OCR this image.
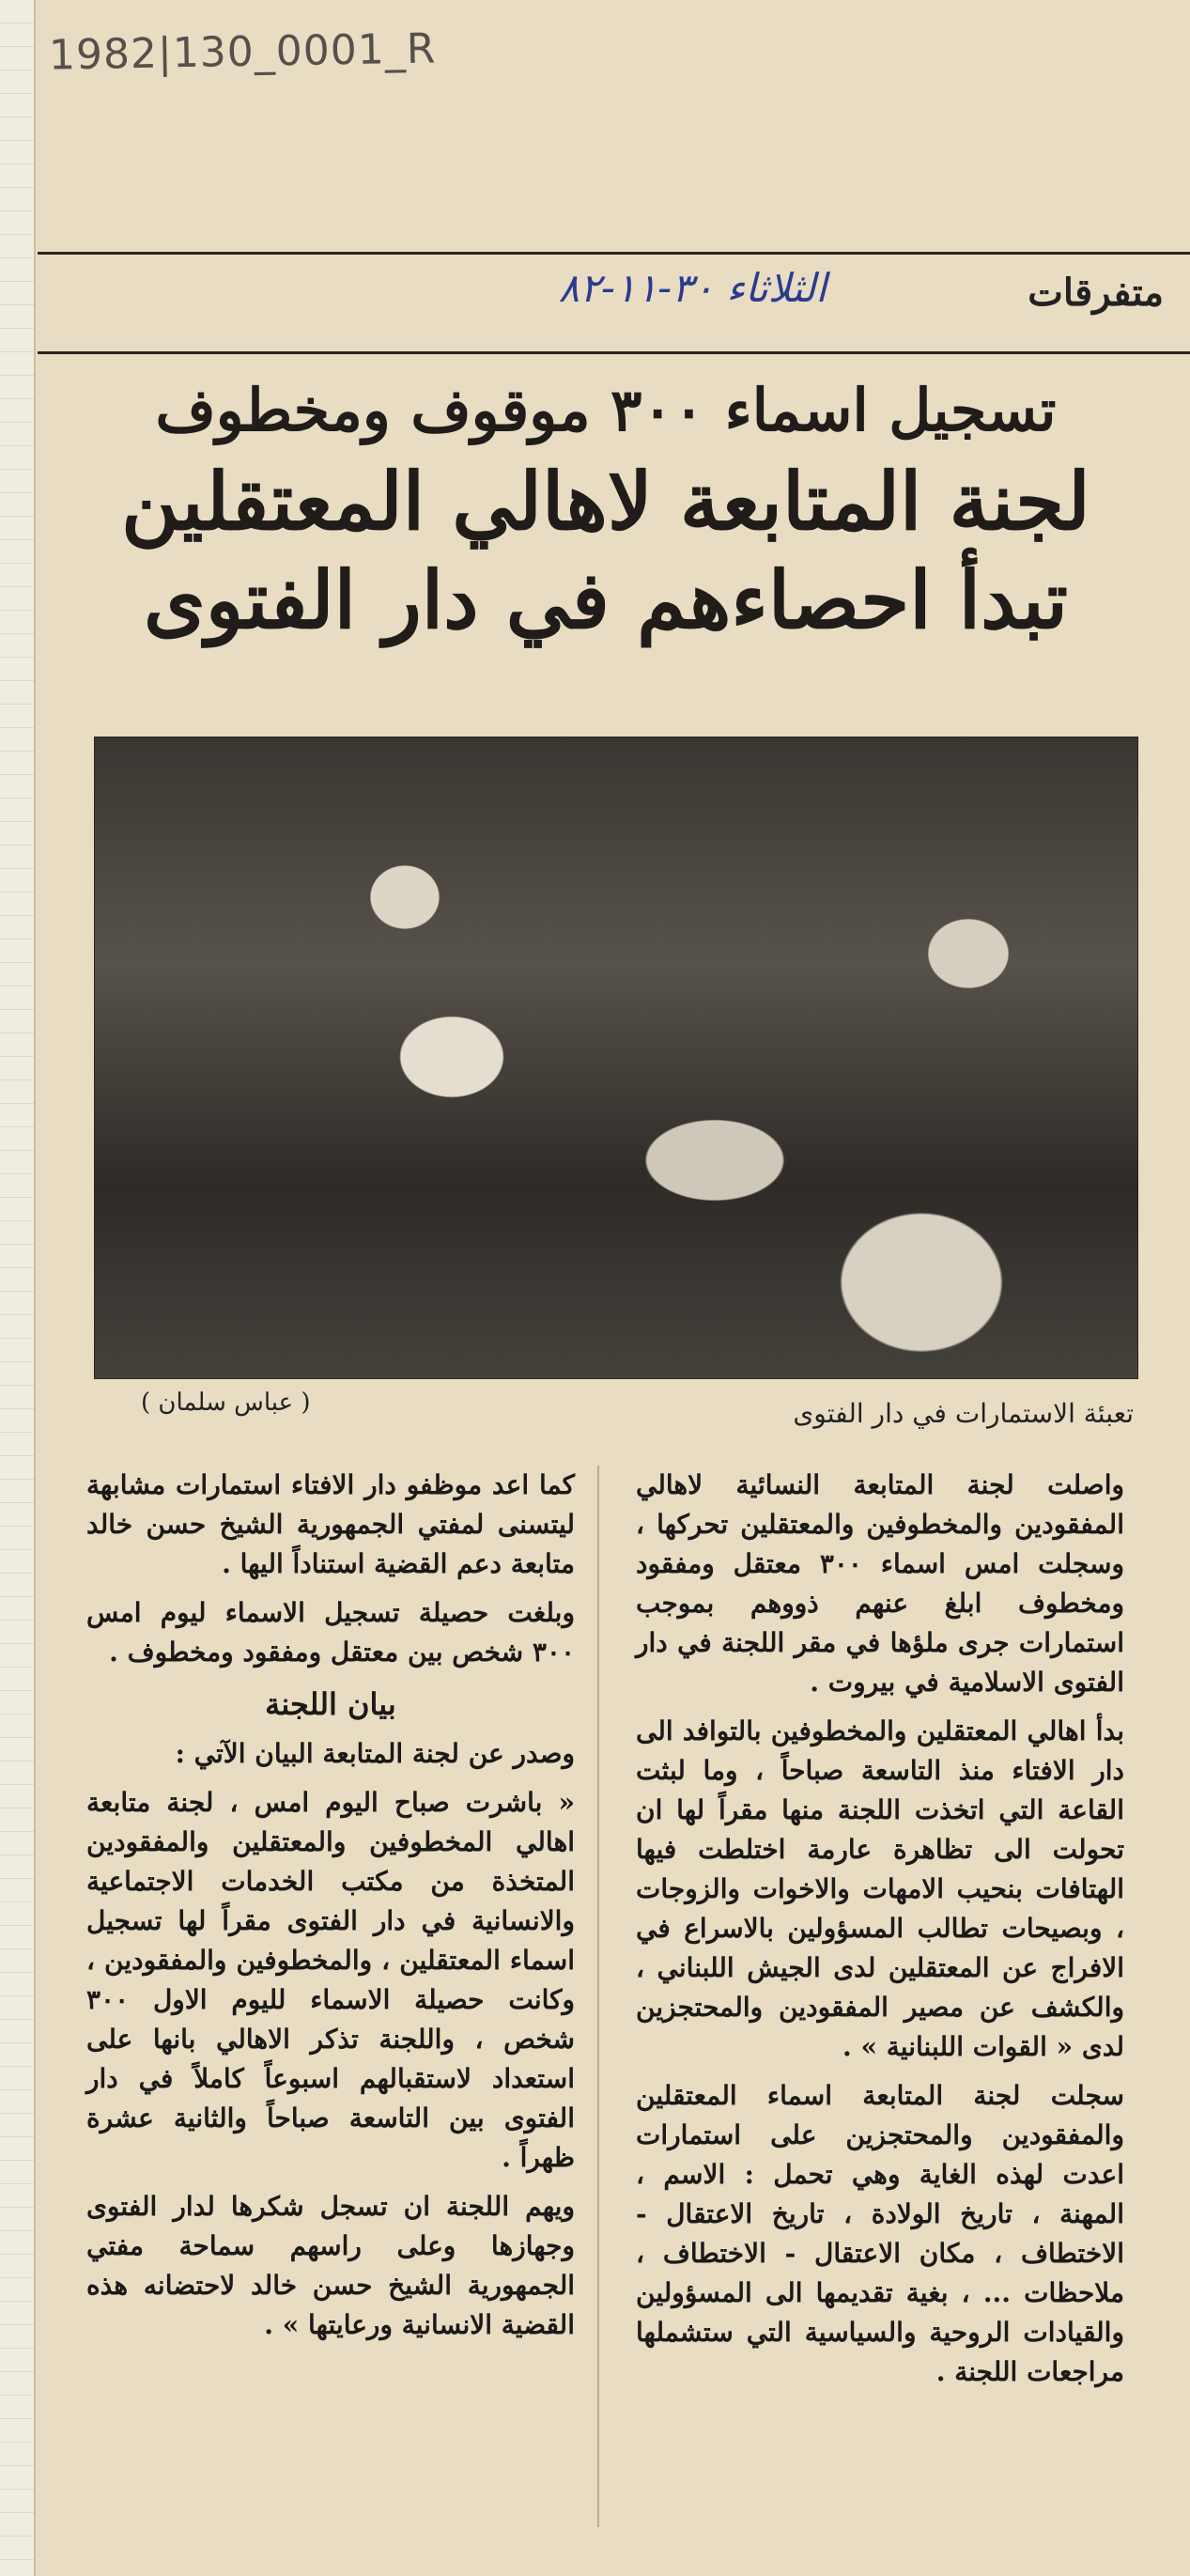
1982|130_0001_R
الثلاثاء ٣٠-١١-٨٢	متفرقات
تسجيل اسماء ٣٠٠ موقوف ومخطوف
لجنة المتابعة لاهالي المعتقلين
تبدأ احصاءهم في دار الفتوى
( عباس سلمان )	تعبئة الاستمارات في دار الفتوى

واصلت لجنة المتابعة النسائية لاهالي المفقودين والمخطوفين والمعتقلين تحركها ، وسجلت امس اسماء ٣٠٠ معتقل ومفقود ومخطوف ابلغ عنهم ذووهم بموجب استمارات جرى ملؤها في مقر اللجنة في دار الفتوى الاسلامية في بيروت .

بدأ اهالي المعتقلين والمخطوفين بالتوافد الى دار الافتاء منذ التاسعة صباحاً ، وما لبثت القاعة التي اتخذت اللجنة منها مقراً لها ان تحولت الى تظاهرة عارمة اختلطت فيها الهتافات بنحيب الامهات والاخوات والزوجات ، وبصيحات تطالب المسؤولين بالاسراع في الافراج عن المعتقلين لدى الجيش اللبناني ، والكشف عن مصير المفقودين والمحتجزين لدى « القوات اللبنانية » .

سجلت لجنة المتابعة اسماء المعتقلين والمفقودين والمحتجزين على استمارات اعدت لهذه الغاية وهي تحمل : الاسم ، المهنة ، تاريخ الولادة ، تاريخ الاعتقال - الاختطاف ، مكان الاعتقال - الاختطاف ، ملاحظات ... ، بغية تقديمها الى المسؤولين والقيادات الروحية والسياسية التي ستشملها مراجعات اللجنة .

كما اعد موظفو دار الافتاء استمارات مشابهة ليتسنى لمفتي الجمهورية الشيخ حسن خالد متابعة دعم القضية استناداً اليها .

وبلغت حصيلة تسجيل الاسماء ليوم امس ٣٠٠ شخص بين معتقل ومفقود ومخطوف .

بيان اللجنة

وصدر عن لجنة المتابعة البيان الآتي :

« باشرت صباح اليوم امس ، لجنة متابعة اهالي المخطوفين والمعتقلين والمفقودين المتخذة من مكتب الخدمات الاجتماعية والانسانية في دار الفتوى مقراً لها تسجيل اسماء المعتقلين ، والمخطوفين والمفقودين ، وكانت حصيلة الاسماء لليوم الاول ٣٠٠ شخص ، واللجنة تذكر الاهالي بانها على استعداد لاستقبالهم اسبوعاً كاملاً في دار الفتوى بين التاسعة صباحاً والثانية عشرة ظهراً .

ويهم اللجنة ان تسجل شكرها لدار الفتوى وجهازها وعلى راسهم سماحة مفتي الجمهورية الشيخ حسن خالد لاحتضانه هذه القضية الانسانية ورعايتها » .
